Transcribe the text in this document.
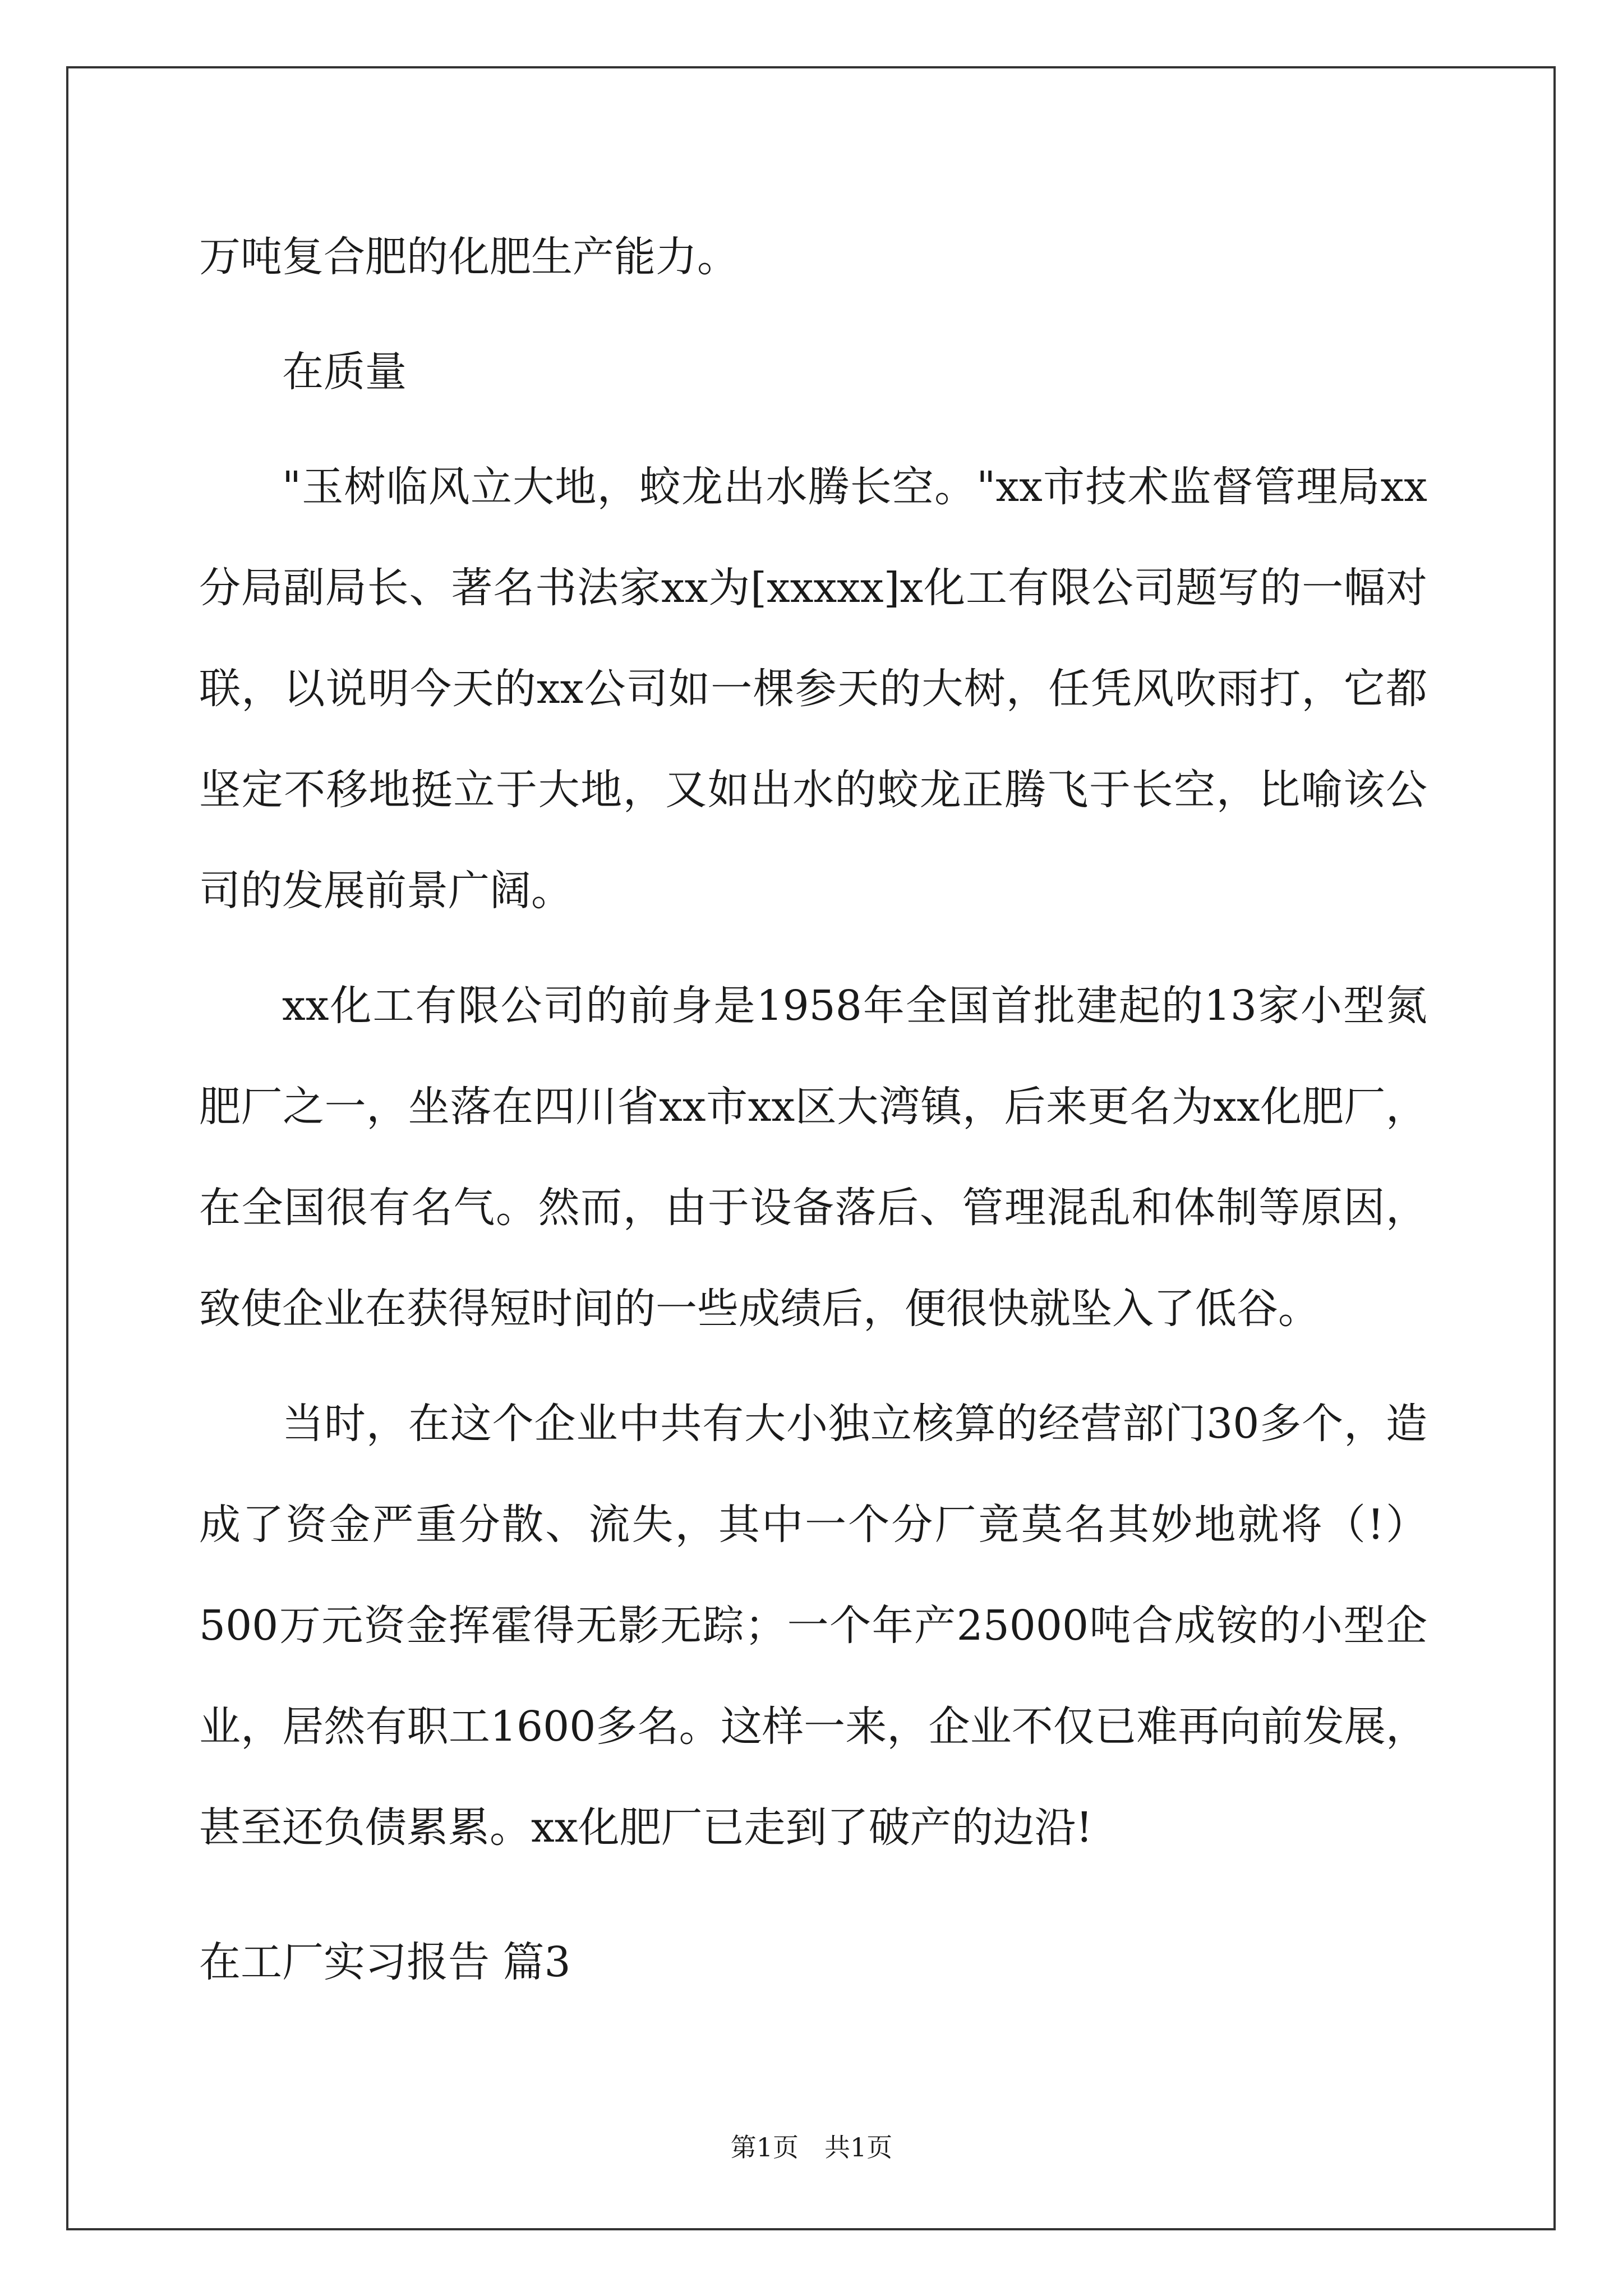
万吨复合肥的化肥生产能力。

在质量

"玉树临风立大地，蛟龙出水腾长空。"xx市技术监督管理局xx分局副局长、著名书法家xx为[xxxxx]x化工有限公司题写的一幅对联，以说明今天的xx公司如一棵参天的大树，任凭风吹雨打，它都坚定不移地挺立于大地，又如出水的蛟龙正腾飞于长空，比喻该公司的发展前景广阔。

xx化工有限公司的前身是1958年全国首批建起的13家小型氮肥厂之一，坐落在四川省xx市xx区大湾镇，后来更名为xx化肥厂，在全国很有名气。然而，由于设备落后、管理混乱和体制等原因，致使企业在获得短时间的一些成绩后，便很快就坠入了低谷。

当时，在这个企业中共有大小独立核算的经营部门30多个，造成了资金严重分散、流失，其中一个分厂竟莫名其妙地就将（!）500万元资金挥霍得无影无踪；一个年产25000吨合成铵的小型企业，居然有职工1600多名。这样一来，企业不仅已难再向前发展，甚至还负债累累。xx化肥厂已走到了破产的边沿!

在工厂实习报告 篇3
第1页　共1页
